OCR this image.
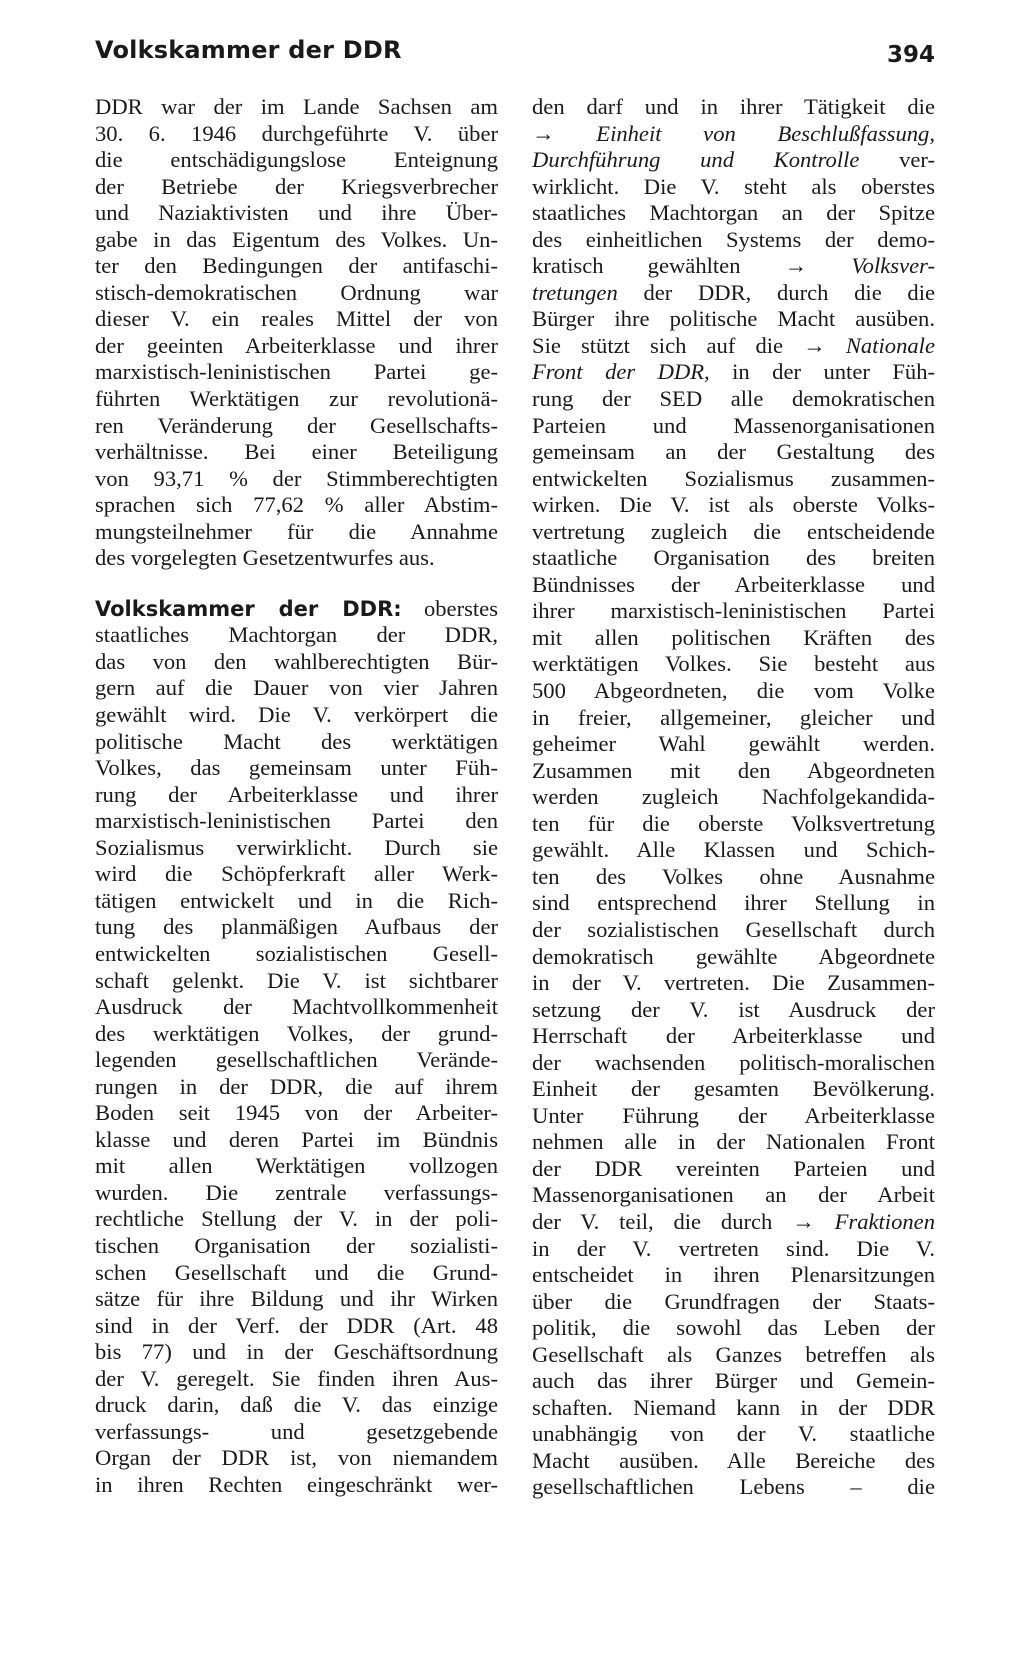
Volkskammer der DDR	394
DDR war der im Lande Sachsen am
30. 6. 1946 durchgeführte V. über
die entschädigungslose Enteignung
der Betriebe der Kriegsverbrecher
und Naziaktivisten und ihre Über-
gabe in das Eigentum des Volkes. Un-
ter den Bedingungen der antifaschi-
stisch-demokratischen Ordnung war
dieser V. ein reales Mittel der von
der geeinten Arbeiterklasse und ihrer
marxistisch-leninistischen Partei ge-
führten Werktätigen zur revolutionä-
ren Veränderung der Gesellschafts-
verhältnisse. Bei einer Beteiligung
von 93,71 % der Stimmberechtigten
sprachen sich 77,62 % aller Abstim-
mungsteilnehmer für die Annahme
des vorgelegten Gesetzentwurfes aus.
Volkskammer der DDR: oberstes
staatliches Machtorgan der DDR,
das von den wahlberechtigten Bür-
gern auf die Dauer von vier Jahren
gewählt wird. Die V. verkörpert die
politische Macht des werktätigen
Volkes, das gemeinsam unter Füh-
rung der Arbeiterklasse und ihrer
marxistisch-leninistischen Partei den
Sozialismus verwirklicht. Durch sie
wird die Schöpferkraft aller Werk-
tätigen entwickelt und in die Rich-
tung des planmäßigen Aufbaus der
entwickelten sozialistischen Gesell-
schaft gelenkt. Die V. ist sichtbarer
Ausdruck der Machtvollkommenheit
des werktätigen Volkes, der grund-
legenden gesellschaftlichen Verände-
rungen in der DDR, die auf ihrem
Boden seit 1945 von der Arbeiter-
klasse und deren Partei im Bündnis
mit allen Werktätigen vollzogen
wurden. Die zentrale verfassungs-
rechtliche Stellung der V. in der poli-
tischen Organisation der sozialisti-
schen Gesellschaft und die Grund-
sätze für ihre Bildung und ihr Wirken
sind in der Verf. der DDR (Art. 48
bis 77) und in der Geschäftsordnung
der V. geregelt. Sie finden ihren Aus-
druck darin, daß die V. das einzige
verfassungs- und gesetzgebende
Organ der DDR ist, von niemandem
in ihren Rechten eingeschränkt wer-
den darf und in ihrer Tätigkeit die
→ Einheit von Beschlußfassung,
Durchführung und Kontrolle ver-
wirklicht. Die V. steht als oberstes
staatliches Machtorgan an der Spitze
des einheitlichen Systems der demo-
kratisch gewählten → Volksver-
tretungen der DDR, durch die die
Bürger ihre politische Macht ausüben.
Sie stützt sich auf die → Nationale
Front der DDR, in der unter Füh-
rung der SED alle demokratischen
Parteien und Massenorganisationen
gemeinsam an der Gestaltung des
entwickelten Sozialismus zusammen-
wirken. Die V. ist als oberste Volks-
vertretung zugleich die entscheidende
staatliche Organisation des breiten
Bündnisses der Arbeiterklasse und
ihrer marxistisch-leninistischen Partei
mit allen politischen Kräften des
werktätigen Volkes. Sie besteht aus
500 Abgeordneten, die vom Volke
in freier, allgemeiner, gleicher und
geheimer Wahl gewählt werden.
Zusammen mit den Abgeordneten
werden zugleich Nachfolgekandida-
ten für die oberste Volksvertretung
gewählt. Alle Klassen und Schich-
ten des Volkes ohne Ausnahme
sind entsprechend ihrer Stellung in
der sozialistischen Gesellschaft durch
demokratisch gewählte Abgeordnete
in der V. vertreten. Die Zusammen-
setzung der V. ist Ausdruck der
Herrschaft der Arbeiterklasse und
der wachsenden politisch-moralischen
Einheit der gesamten Bevölkerung.
Unter Führung der Arbeiterklasse
nehmen alle in der Nationalen Front
der DDR vereinten Parteien und
Massenorganisationen an der Arbeit
der V. teil, die durch → Fraktionen
in der V. vertreten sind. Die V.
entscheidet in ihren Plenarsitzungen
über die Grundfragen der Staats-
politik, die sowohl das Leben der
Gesellschaft als Ganzes betreffen als
auch das ihrer Bürger und Gemein-
schaften. Niemand kann in der DDR
unabhängig von der V. staatliche
Macht ausüben. Alle Bereiche des
gesellschaftlichen Lebens – die
